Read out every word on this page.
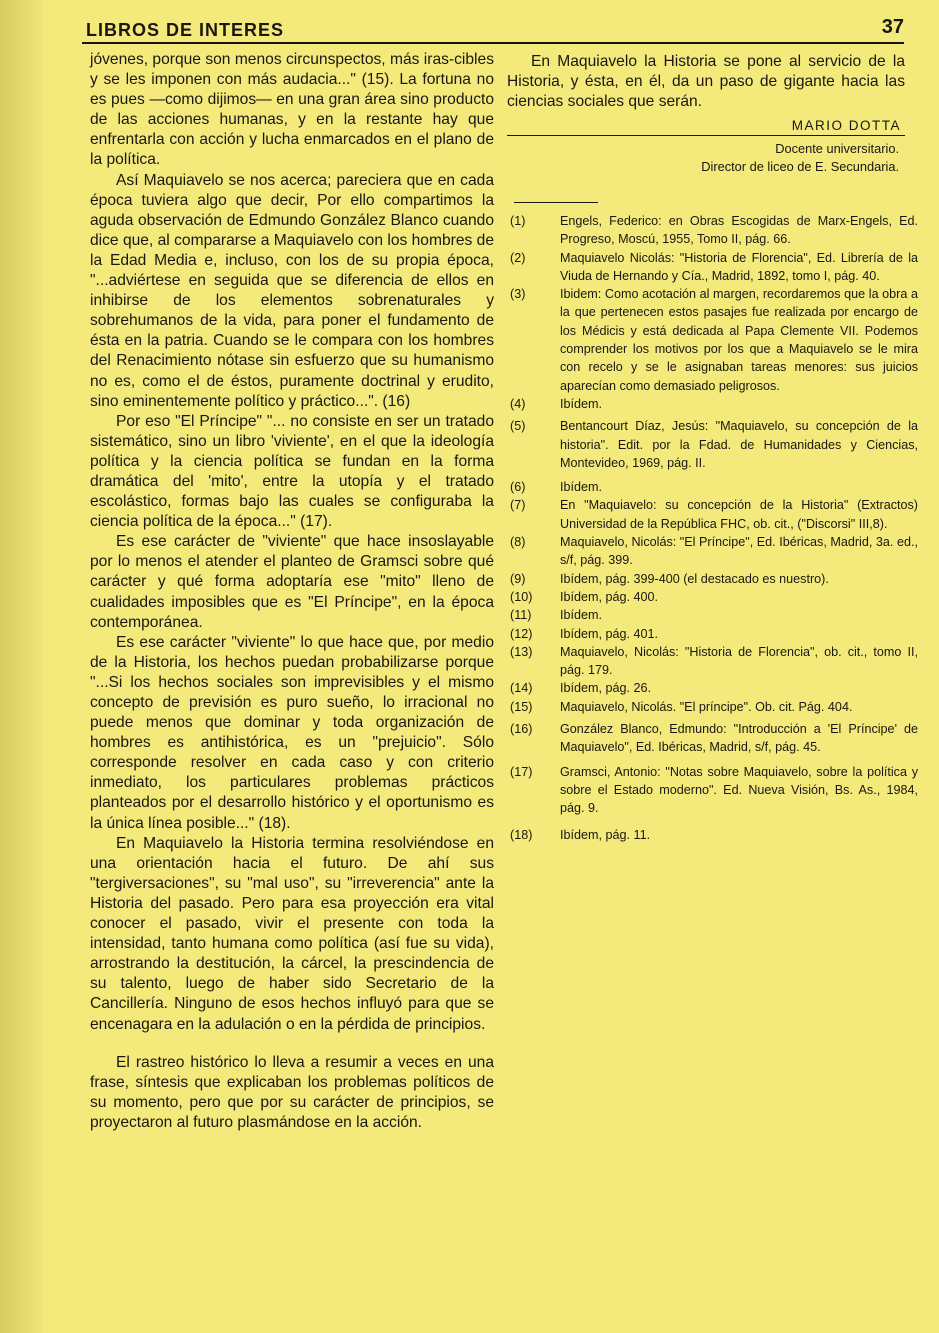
LIBROS DE INTERES	37

jóvenes, porque son menos circunspectos, más iras-cibles y se les imponen con más audacia..." (15). La fortuna no es pues —como dijimos— en una gran área sino producto de las acciones humanas, y en la restante hay que enfrentarla con acción y lucha enmarcados en el plano de la política.

Así Maquiavelo se nos acerca; pareciera que en cada época tuviera algo que decir, Por ello compartimos la aguda observación de Edmundo González Blanco cuando dice que, al compararse a Maquiavelo con los hombres de la Edad Media e, incluso, con los de su propia época, "...adviértese en seguida que se diferencia de ellos en inhibirse de los elementos sobrenaturales y sobrehumanos de la vida, para poner el fundamento de ésta en la patria. Cuando se le compara con los hombres del Renacimiento nótase sin esfuerzo que su humanismo no es, como el de éstos, puramente doctrinal y erudito, sino eminentemente político y práctico...". (16)

Por eso "El Príncipe" "... no consiste en ser un tratado sistemático, sino un libro 'viviente', en el que la ideología política y la ciencia política se fundan en la forma dramática del 'mito', entre la utopía y el tratado escolástico, formas bajo las cuales se configuraba la ciencia política de la época..." (17).

Es ese carácter de "viviente" que hace insoslayable por lo menos el atender el planteo de Gramsci sobre qué carácter y qué forma adoptaría ese "mito" lleno de cualidades imposibles que es "El Príncipe", en la época contemporánea.

Es ese carácter "viviente" lo que hace que, por medio de la Historia, los hechos puedan probabilizarse porque "...Si los hechos sociales son imprevisibles y el mismo concepto de previsión es puro sueño, lo irracional no puede menos que dominar y toda organización de hombres es antihistórica, es un "prejuicio". Sólo corresponde resolver en cada caso y con criterio inmediato, los particulares problemas prácticos planteados por el desarrollo histórico y el oportunismo es la única línea posible..." (18).

En Maquiavelo la Historia termina resolviéndose en una orientación hacia el futuro. De ahí sus "tergiversaciones", su "mal uso", su "irreverencia" ante la Historia del pasado. Pero para esa proyección era vital conocer el pasado, vivir el presente con toda la intensidad, tanto humana como política (así fue su vida), arrostrando la destitución, la cárcel, la prescindencia de su talento, luego de haber sido Secretario de la Cancillería. Ninguno de esos hechos influyó para que se encenagara en la adulación o en la pérdida de principios.

El rastreo histórico lo lleva a resumir a veces en una frase, síntesis que explicaban los problemas políticos de su momento, pero que por su carácter de principios, se proyectaron al futuro plasmándose en la acción.

En Maquiavelo la Historia se pone al servicio de la Historia, y ésta, en él, da un paso de gigante hacia las ciencias sociales que serán.

MARIO DOTTA
Docente universitario.
Director de liceo de E. Secundaria.
(1)	Engels, Federico: en Obras Escogidas de Marx-Engels, Ed. Progreso, Moscú, 1955, Tomo II, pág. 66.
(2)	Maquiavelo Nicolás: "Historia de Florencia", Ed. Librería de la Viuda de Hernando y Cía., Madrid, 1892, tomo I, pág. 40.
(3)	Ibidem: Como acotación al margen, recordaremos que la obra a la que pertenecen estos pasajes fue realizada por encargo de los Médicis y está dedicada al Papa Clemente VII. Podemos comprender los motivos por los que a Maquiavelo se le mira con recelo y se le asignaban tareas menores: sus juicios aparecían como demasiado peligrosos.
(4)	Ibídem.
(5)	Bentancourt Díaz, Jesús: "Maquiavelo, su concepción de la historia". Edit. por la Fdad. de Humanidades y Ciencias, Montevideo, 1969, pág. II.
(6)	Ibídem.
(7)	En "Maquiavelo: su concepción de la Historia" (Extractos) Universidad de la República FHC, ob. cit., ("Discorsi" III,8).
(8)	Maquiavelo, Nicolás: "El Príncipe", Ed. Ibéricas, Madrid, 3a. ed., s/f, pág. 399.
(9)	Ibídem, pág. 399-400 (el destacado es nuestro).
(10)	Ibídem, pág. 400.
(11)	Ibídem.
(12)	Ibídem, pág. 401.
(13)	Maquiavelo, Nicolás: "Historia de Florencia", ob. cit., tomo II, pág. 179.
(14)	Ibídem, pág. 26.
(15)	Maquiavelo, Nicolás. "El príncipe". Ob. cit. Pág. 404.
(16)	González Blanco, Edmundo: "Introducción a 'El Príncipe' de Maquiavelo", Ed. Ibéricas, Madrid, s/f, pág. 45.
(17)	Gramsci, Antonio: "Notas sobre Maquiavelo, sobre la política y sobre el Estado moderno". Ed. Nueva Visión, Bs. As., 1984, pág. 9.
(18)	Ibídem, pág. 11.
